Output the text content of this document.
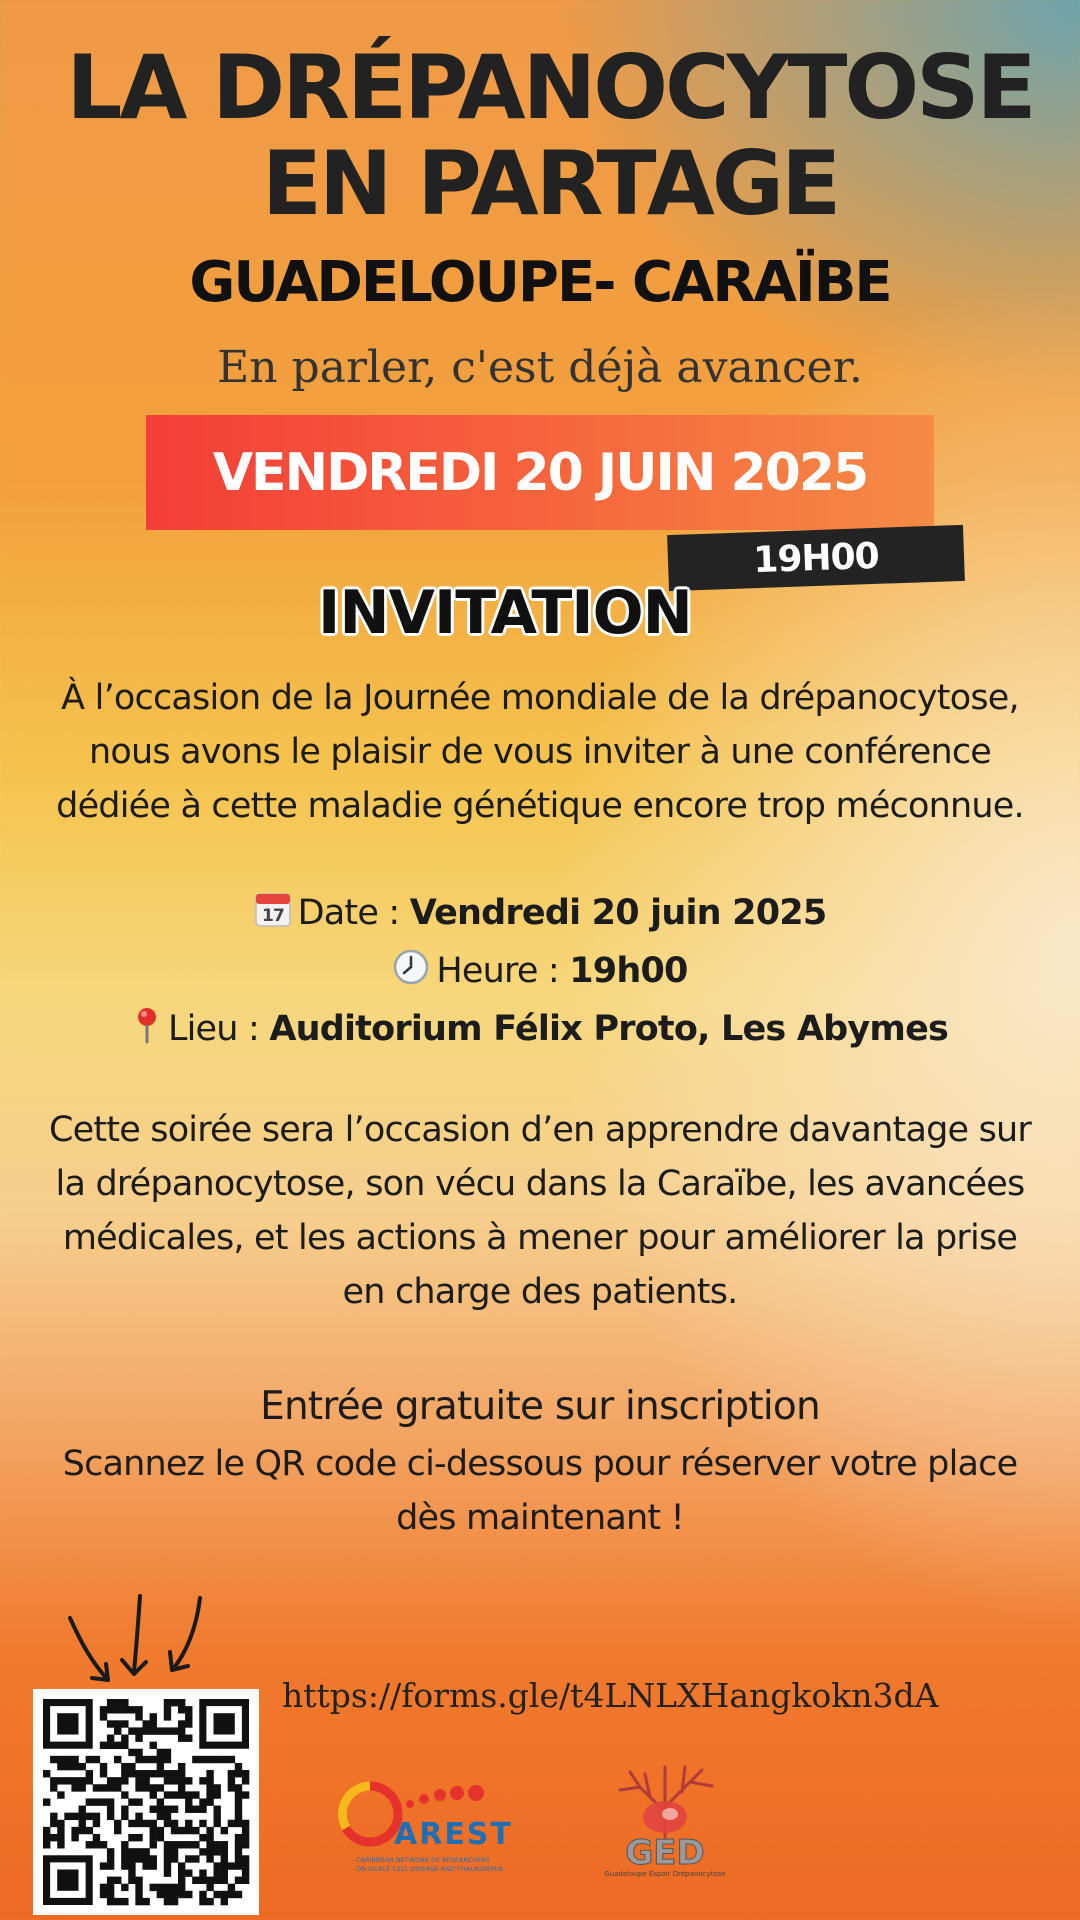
LA DRÉPANOCYTOSE
EN PARTAGE
GUADELOUPE- CARAÏBE
En parler, c'est déjà avancer.
VENDREDI 20 JUIN 2025
19H00
INVITATION
À l’occasion de la Journée mondiale de la drépanocytose,
nous avons le plaisir de vous inviter à une conférence
dédiée à cette maladie génétique encore trop méconnue.
17 Date : Vendredi 20 juin 2025
Heure : 19h00
Lieu : Auditorium Félix Proto, Les Abymes
Cette soirée sera l’occasion d’en apprendre davantage sur
la drépanocytose, son vécu dans la Caraïbe, les avancées
médicales, et les actions à mener pour améliorer la prise
en charge des patients.
Entrée gratuite sur inscription
Scannez le QR code ci-dessous pour réserver votre place
dès maintenant !
https://forms.gle/t4LNLXHangkokn3dA
AREST
CARIBBEAN NETWORK OF RESEARCHERS
ON SICKLE CELL DISEASE AND THALASSEMIA	GED
Guadeloupe Espoir Drépanocytose
